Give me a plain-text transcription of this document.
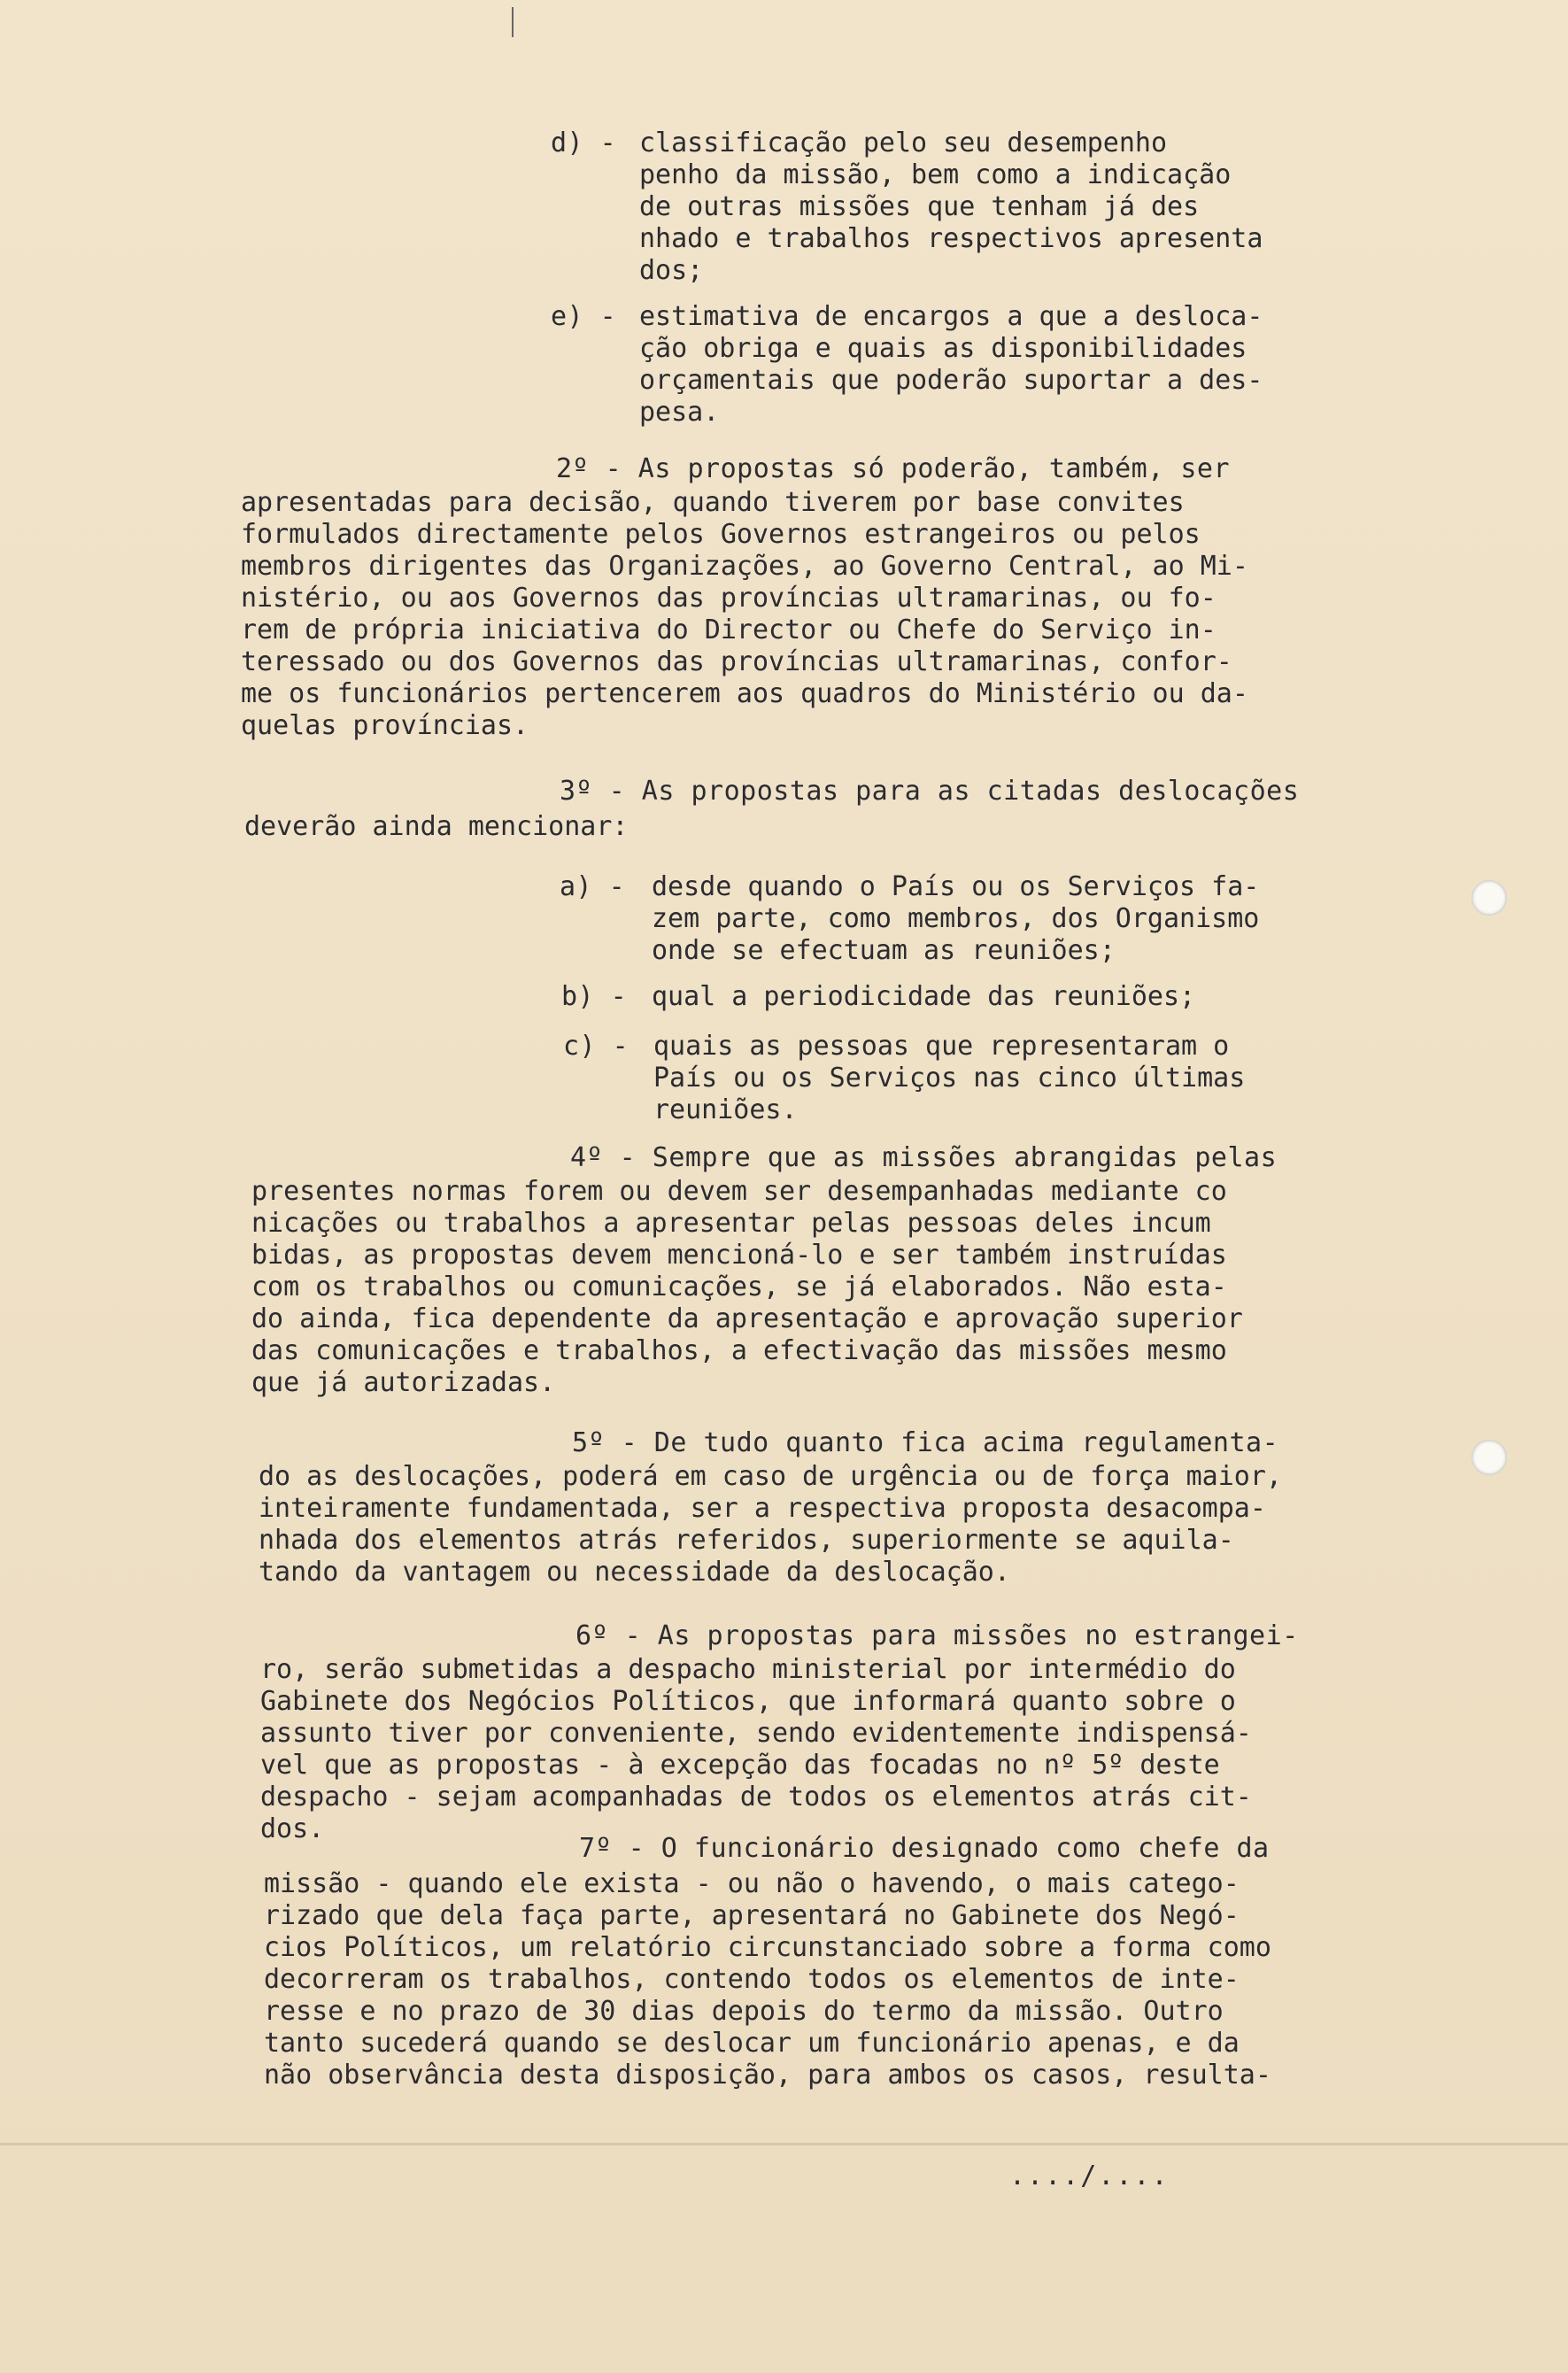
d) - classificação pelo seu desempenho
penho da missão, bem como a indicação
de outras missões que tenham já des
nhado e trabalhos respectivos apresenta
dos;
e) - estimativa de encargos a que a desloca-
ção obriga e quais as disponibilidades
orçamentais que poderão suportar a des-
pesa.
2º - As propostas só poderão, também, ser
apresentadas para decisão, quando tiverem por base convites
formulados directamente pelos Governos estrangeiros ou pelos
membros dirigentes das Organizações, ao Governo Central, ao Mi-
nistério, ou aos Governos das províncias ultramarinas, ou fo-
rem de própria iniciativa do Director ou Chefe do Serviço in-
teressado ou dos Governos das províncias ultramarinas, confor-
me os funcionários pertencerem aos quadros do Ministério ou da-
quelas províncias.
3º - As propostas para as citadas deslocações
deverão ainda mencionar:
a) - desde quando o País ou os Serviços fa-
zem parte, como membros, dos Organismo
onde se efectuam as reuniões;
b) - qual a periodicidade das reuniões;
c) - quais as pessoas que representaram o
País ou os Serviços nas cinco últimas
reuniões.
4º - Sempre que as missões abrangidas pelas
presentes normas forem ou devem ser desempanhadas mediante co
nicações ou trabalhos a apresentar pelas pessoas deles incum
bidas, as propostas devem mencioná-lo e ser também instruídas
com os trabalhos ou comunicações, se já elaborados. Não esta-
do ainda, fica dependente da apresentação e aprovação superior
das comunicações e trabalhos, a efectivação das missões mesmo
que já autorizadas.
5º - De tudo quanto fica acima regulamenta-
do as deslocações, poderá em caso de urgência ou de força maior,
inteiramente fundamentada, ser a respectiva proposta desacompa-
nhada dos elementos atrás referidos, superiormente se aquila-
tando da vantagem ou necessidade da deslocação.
6º - As propostas para missões no estrangei-
ro, serão submetidas a despacho ministerial por intermédio do
Gabinete dos Negócios Políticos, que informará quanto sobre o
assunto tiver por conveniente, sendo evidentemente indispensá-
vel que as propostas - à excepção das focadas no nº 5º deste
despacho - sejam acompanhadas de todos os elementos atrás cit-
dos.
7º - O funcionário designado como chefe da
missão - quando ele exista - ou não o havendo, o mais catego-
rizado que dela faça parte, apresentará no Gabinete dos Negó-
cios Políticos, um relatório circunstanciado sobre a forma como
decorreram os trabalhos, contendo todos os elementos de inte-
resse e no prazo de 30 dias depois do termo da missão. Outro
tanto sucederá quando se deslocar um funcionário apenas, e da
não observância desta disposição, para ambos os casos, resulta-
..../....
